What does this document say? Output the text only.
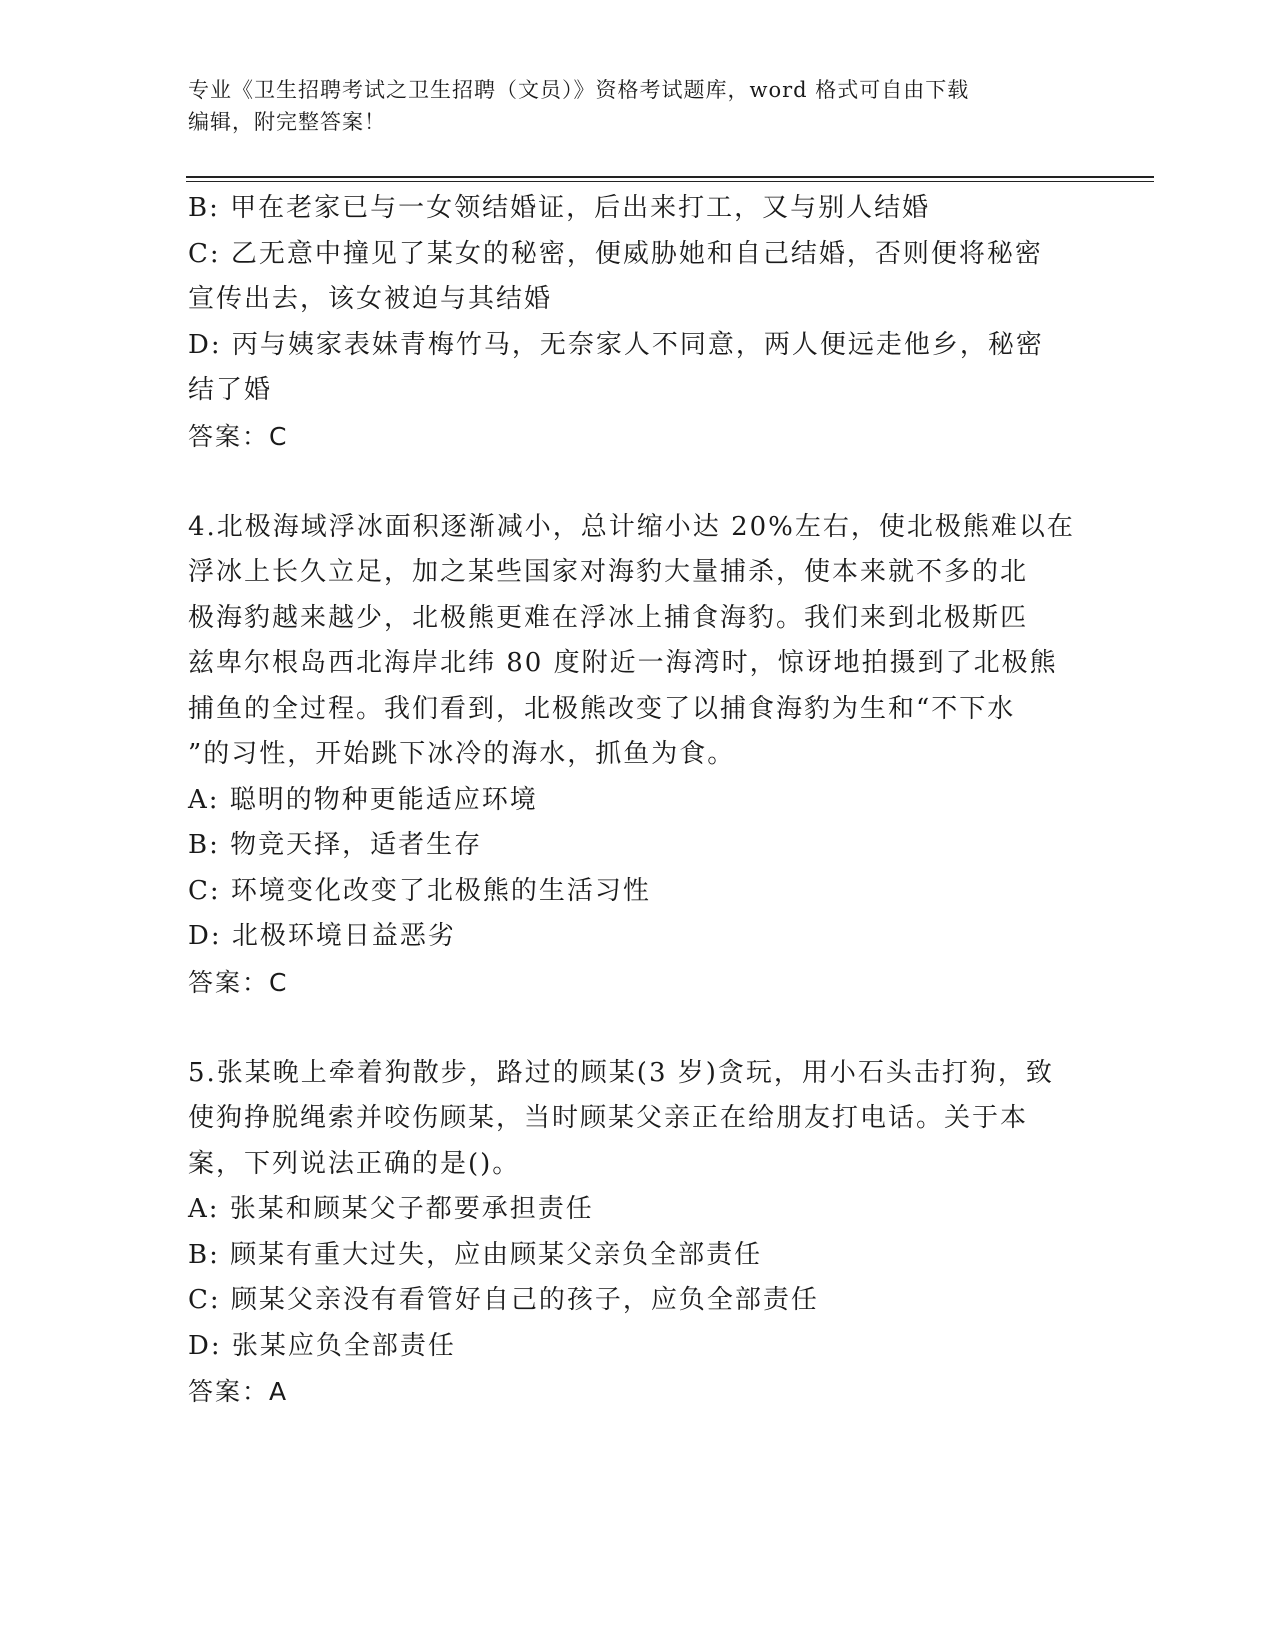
专业《卫生招聘考试之卫生招聘（文员）》资格考试题库，word 格式可自由下载
编辑，附完整答案！
B: 甲在老家已与一女领结婚证，后出来打工，又与别人结婚
C: 乙无意中撞见了某女的秘密，便威胁她和自己结婚，否则便将秘密
宣传出去，该女被迫与其结婚
D: 丙与姨家表妹青梅竹马，无奈家人不同意，两人便远走他乡，秘密
结了婚
答案：C
4.北极海域浮冰面积逐渐减小，总计缩小达 20%左右，使北极熊难以在
浮冰上长久立足，加之某些国家对海豹大量捕杀，使本来就不多的北
极海豹越来越少，北极熊更难在浮冰上捕食海豹。我们来到北极斯匹
兹卑尔根岛西北海岸北纬 80 度附近一海湾时，惊讶地拍摄到了北极熊
捕鱼的全过程。我们看到，北极熊改变了以捕食海豹为生和“不下水
”的习性，开始跳下冰冷的海水，抓鱼为食。
A: 聪明的物种更能适应环境
B: 物竞天择，适者生存
C: 环境变化改变了北极熊的生活习性
D: 北极环境日益恶劣
答案：C
5.张某晚上牵着狗散步，路过的顾某(3 岁)贪玩，用小石头击打狗，致
使狗挣脱绳索并咬伤顾某，当时顾某父亲正在给朋友打电话。关于本
案，下列说法正确的是()。
A: 张某和顾某父子都要承担责任
B: 顾某有重大过失，应由顾某父亲负全部责任
C: 顾某父亲没有看管好自己的孩子，应负全部责任
D: 张某应负全部责任
答案：A
